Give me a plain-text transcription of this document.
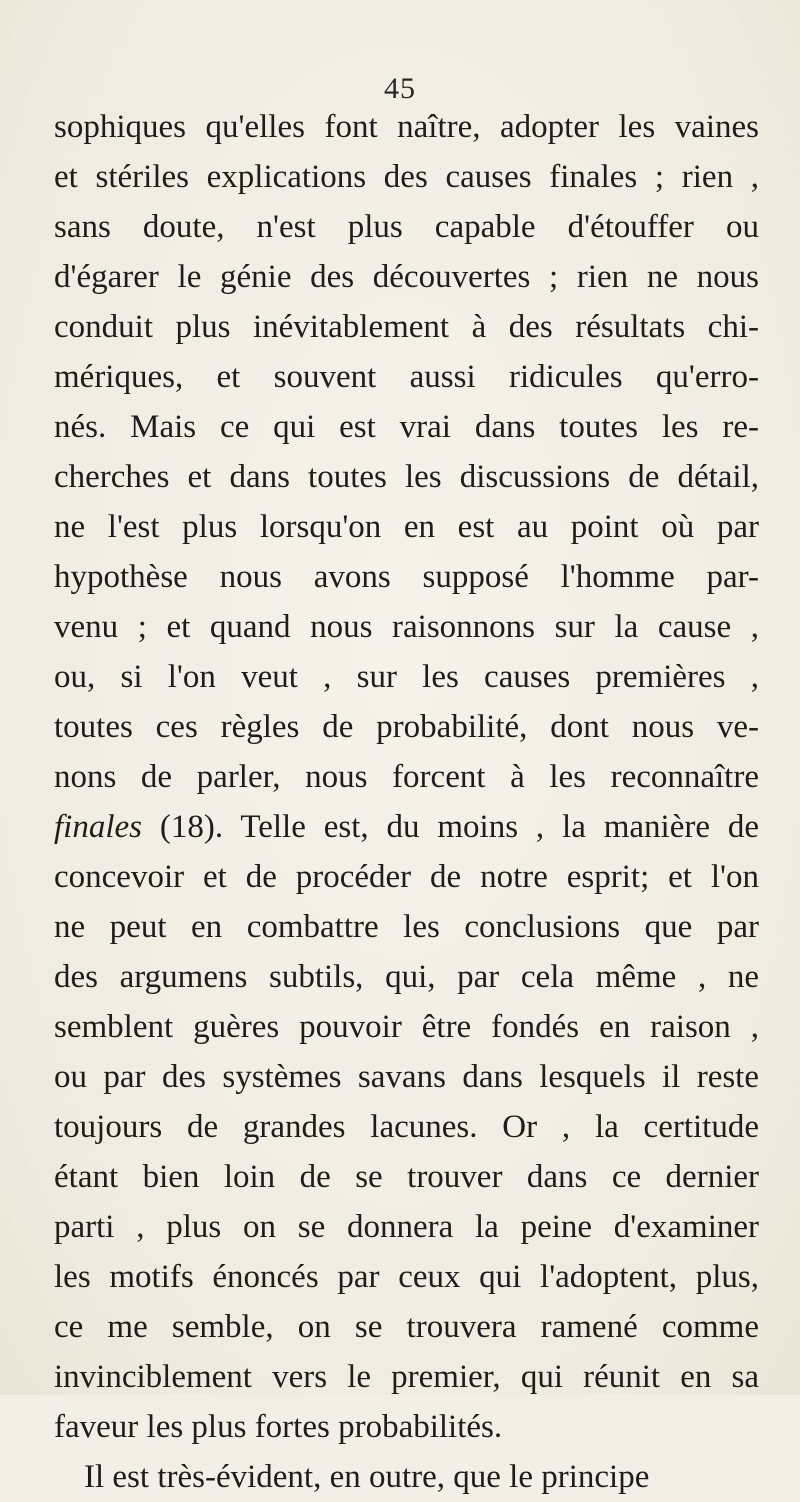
45
sophiques qu'elles font naître, adopter les vaines
et stériles explications des causes finales ; rien ,
sans doute, n'est plus capable d'étouffer ou
d'égarer le génie des découvertes ; rien ne nous
conduit plus inévitablement à des résultats chi-
mériques, et souvent aussi ridicules qu'erro-
nés. Mais ce qui est vrai dans toutes les re-
cherches et dans toutes les discussions de détail,
ne l'est plus lorsqu'on en est au point où par
hypothèse nous avons supposé l'homme par-
venu ; et quand nous raisonnons sur la cause ,
ou, si l'on veut , sur les causes premières ,
toutes ces règles de probabilité, dont nous ve-
nons de parler, nous forcent à les reconnaître
finales (18). Telle est, du moins , la manière de
concevoir et de procéder de notre esprit; et l'on
ne peut en combattre les conclusions que par
des argumens subtils, qui, par cela même , ne
semblent guères pouvoir être fondés en raison ,
ou par des systèmes savans dans lesquels il reste
toujours de grandes lacunes. Or , la certitude
étant bien loin de se trouver dans ce dernier
parti , plus on se donnera la peine d'examiner
les motifs énoncés par ceux qui l'adoptent, plus,
ce me semble, on se trouvera ramené comme
invinciblement vers le premier, qui réunit en sa
faveur les plus fortes probabilités.
Il est très-évident, en outre, que le principe
